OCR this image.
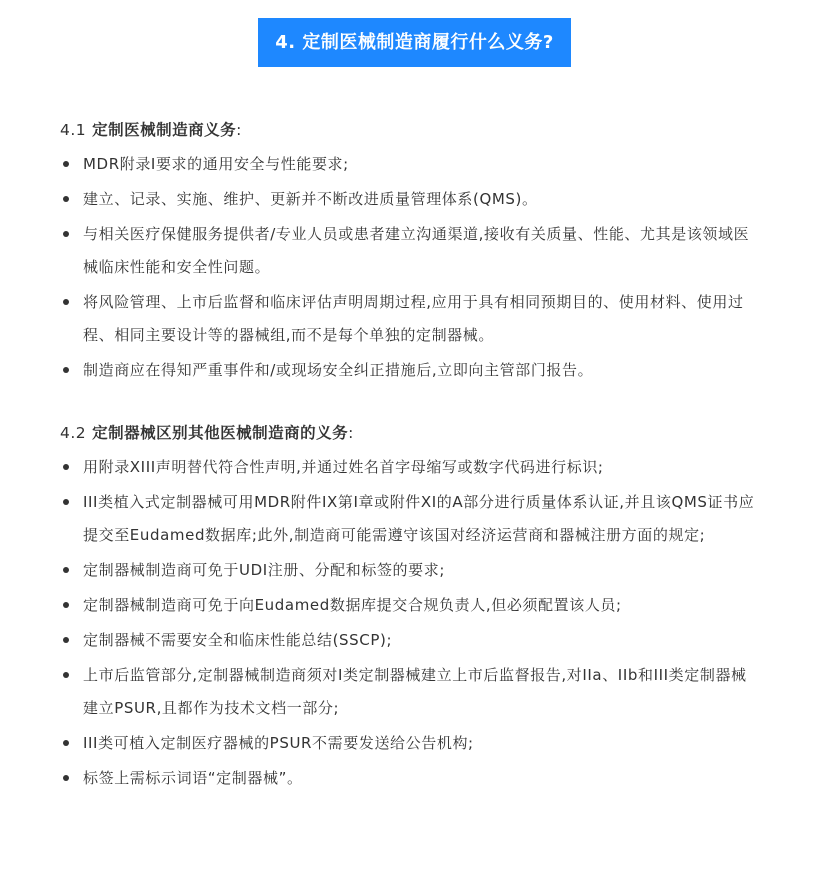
4. 定制医械制造商履行什么义务?
4.1 定制医械制造商义务:
MDR附录I要求的通用安全与性能要求;
建立、记录、实施、维护、更新并不断改进质量管理体系(QMS)。
与相关医疗保健服务提供者/专业人员或患者建立沟通渠道,接收有关质量、性能、尤其是该领域医械临床性能和安全性问题。
将风险管理、上市后监督和临床评估声明周期过程,应用于具有相同预期目的、使用材料、使用过程、相同主要设计等的器械组,而不是每个单独的定制器械。
制造商应在得知严重事件和/或现场安全纠正措施后,立即向主管部门报告。
4.2 定制器械区别其他医械制造商的义务:
用附录XIII声明替代符合性声明,并通过姓名首字母缩写或数字代码进行标识;
III类植入式定制器械可用MDR附件IX第I章或附件XI的A部分进行质量体系认证,并且该QMS证书应提交至Eudamed数据库;此外,制造商可能需遵守该国对经济运营商和器械注册方面的规定;
定制器械制造商可免于UDI注册、分配和标签的要求;
定制器械制造商可免于向Eudamed数据库提交合规负责人,但必须配置该人员;
定制器械不需要安全和临床性能总结(SSCP);
上市后监管部分,定制器械制造商须对I类定制器械建立上市后监督报告,对IIa、IIb和III类定制器械建立PSUR,且都作为技术文档一部分;
III类可植入定制医疗器械的PSUR不需要发送给公告机构;
标签上需标示词语“定制器械”。
